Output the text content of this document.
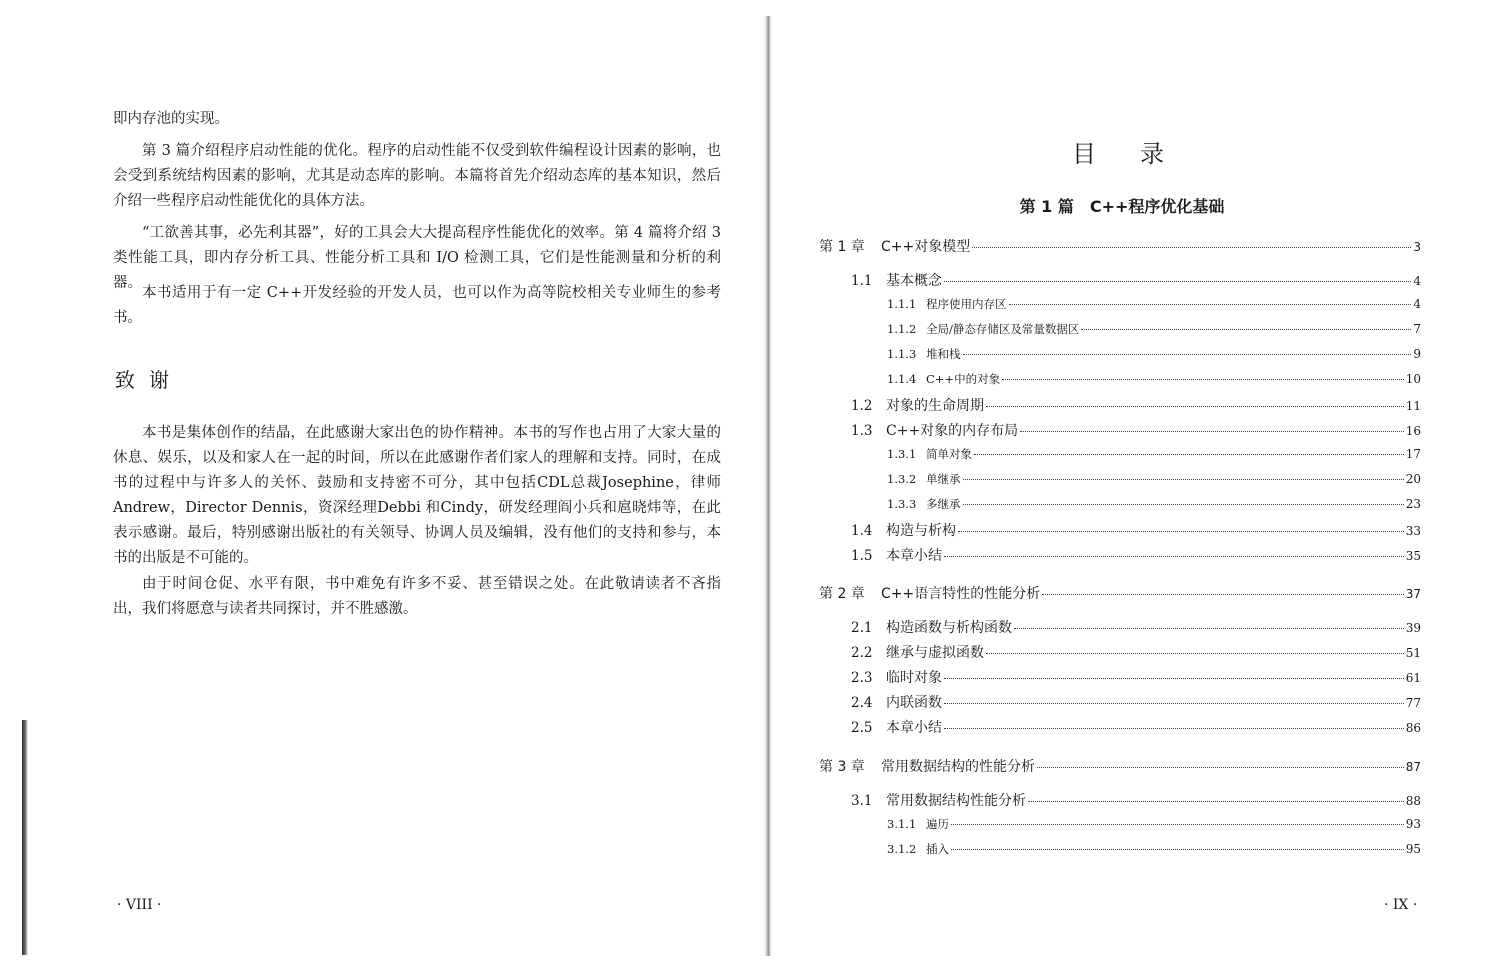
即内存池的实现。

第 3 篇介绍程序启动性能的优化。程序的启动性能不仅受到软件编程设计因素的影响，也会受到系统结构因素的影响，尤其是动态库的影响。本篇将首先介绍动态库的基本知识，然后介绍一些程序启动性能优化的具体方法。

“工欲善其事，必先利其器”，好的工具会大大提高程序性能优化的效率。第 4 篇将介绍 3 类性能工具，即内存分析工具、性能分析工具和 I/O 检测工具，它们是性能测量和分析的利器。

本书适用于有一定 C++开发经验的开发人员，也可以作为高等院校相关专业师生的参考书。

致谢

本书是集体创作的结晶，在此感谢大家出色的协作精神。本书的写作也占用了大家大量的休息、娱乐，以及和家人在一起的时间，所以在此感谢作者们家人的理解和支持。同时，在成书的过程中与许多人的关怀、鼓励和支持密不可分，其中包括CDL总裁Josephine，律师Andrew，Director Dennis，资深经理Debbi 和Cindy，研发经理阎小兵和扈晓炜等，在此表示感谢。最后，特别感谢出版社的有关领导、协调人员及编辑，没有他们的支持和参与，本书的出版是不可能的。

由于时间仓促、水平有限，书中难免有许多不妥、甚至错误之处。在此敬请读者不吝指出，我们将愿意与读者共同探讨，并不胜感激。

· VIII ·
目录
第 1 篇　C++程序优化基础
第 1 章	C++对象模型	3
1.1 基本概念	4
1.1.1 程序使用内存区	4
1.1.2 全局/静态存储区及常量数据区	7
1.1.3 堆和栈	9
1.1.4 C++中的对象	10
1.2 对象的生命周期	11
1.3 C++对象的内存布局	16
1.3.1 简单对象	17
1.3.2 单继承	20
1.3.3 多继承	23
1.4 构造与析构	33
1.5 本章小结	35
第 2 章	C++语言特性的性能分析	37
2.1 构造函数与析构函数	39
2.2 继承与虚拟函数	51
2.3 临时对象	61
2.4 内联函数	77
2.5 本章小结	86
第 3 章	常用数据结构的性能分析	87
3.1 常用数据结构性能分析	88
3.1.1 遍历	93
3.1.2 插入	95
· IX ·
